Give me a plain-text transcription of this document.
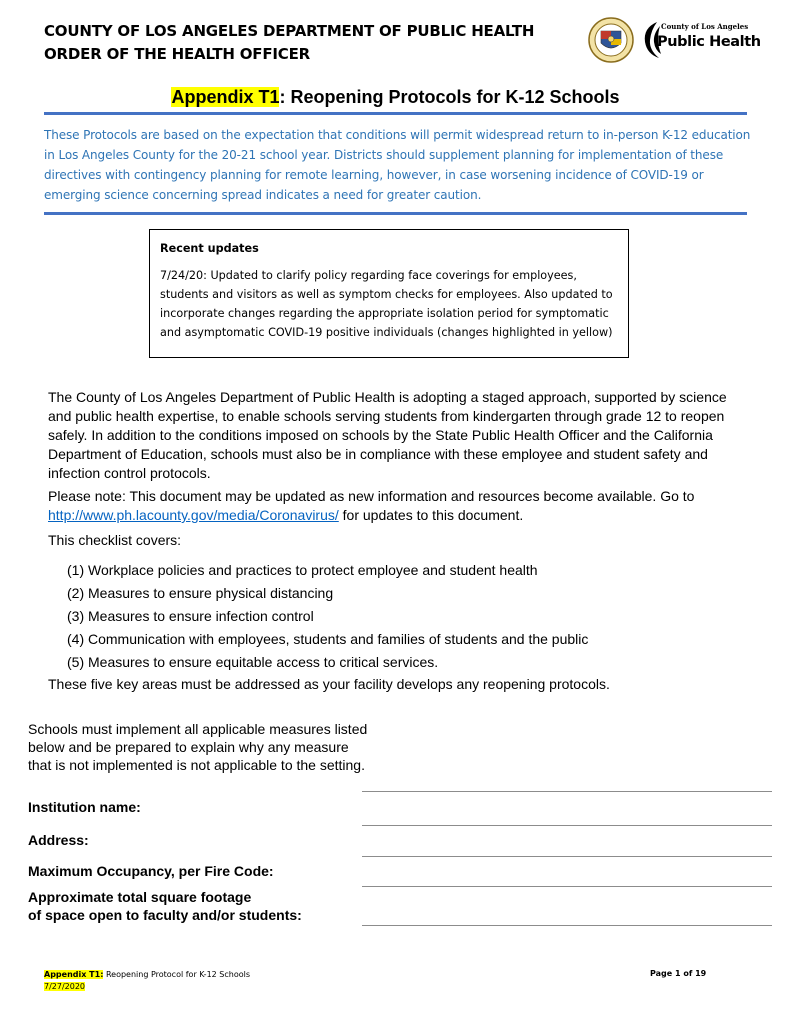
COUNTY OF LOS ANGELES DEPARTMENT OF PUBLIC HEALTH
ORDER OF THE HEALTH OFFICER
County of Los Angeles
Public Health
Appendix T1: Reopening Protocols for K-12 Schools
These Protocols are based on the expectation that conditions will permit widespread return to in-person K-12 education in Los Angeles County for the 20-21 school year. Districts should supplement planning for implementation of these directives with contingency planning for remote learning, however, in case worsening incidence of COVID-19 or emerging science concerning spread indicates a need for greater caution.
Recent updates
7/24/20: Updated to clarify policy regarding face coverings for employees, students and visitors as well as symptom checks for employees. Also updated to incorporate changes regarding the appropriate isolation period for symptomatic and asymptomatic COVID-19 positive individuals (changes highlighted in yellow)
The County of Los Angeles Department of Public Health is adopting a staged approach, supported by science and public health expertise, to enable schools serving students from kindergarten through grade 12 to reopen safely. In addition to the conditions imposed on schools by the State Public Health Officer and the California Department of Education, schools must also be in compliance with these employee and student safety and infection control protocols.
Please note: This document may be updated as new information and resources become available. Go to http://www.ph.lacounty.gov/media/Coronavirus/ for updates to this document.
This checklist covers:
(1) Workplace policies and practices to protect employee and student health
(2) Measures to ensure physical distancing
(3) Measures to ensure infection control
(4) Communication with employees, students and families of students and the public
(5) Measures to ensure equitable access to critical services.
These five key areas must be addressed as your facility develops any reopening protocols.
Schools must implement all applicable measures listed below and be prepared to explain why any measure that is not implemented is not applicable to the setting.
Institution name:
Address:
Maximum Occupancy, per Fire Code:
Approximate total square footage
of space open to faculty and/or students:
Appendix T1: Reopening Protocol for K-12 Schools
7/27/2020
Page 1 of 19
